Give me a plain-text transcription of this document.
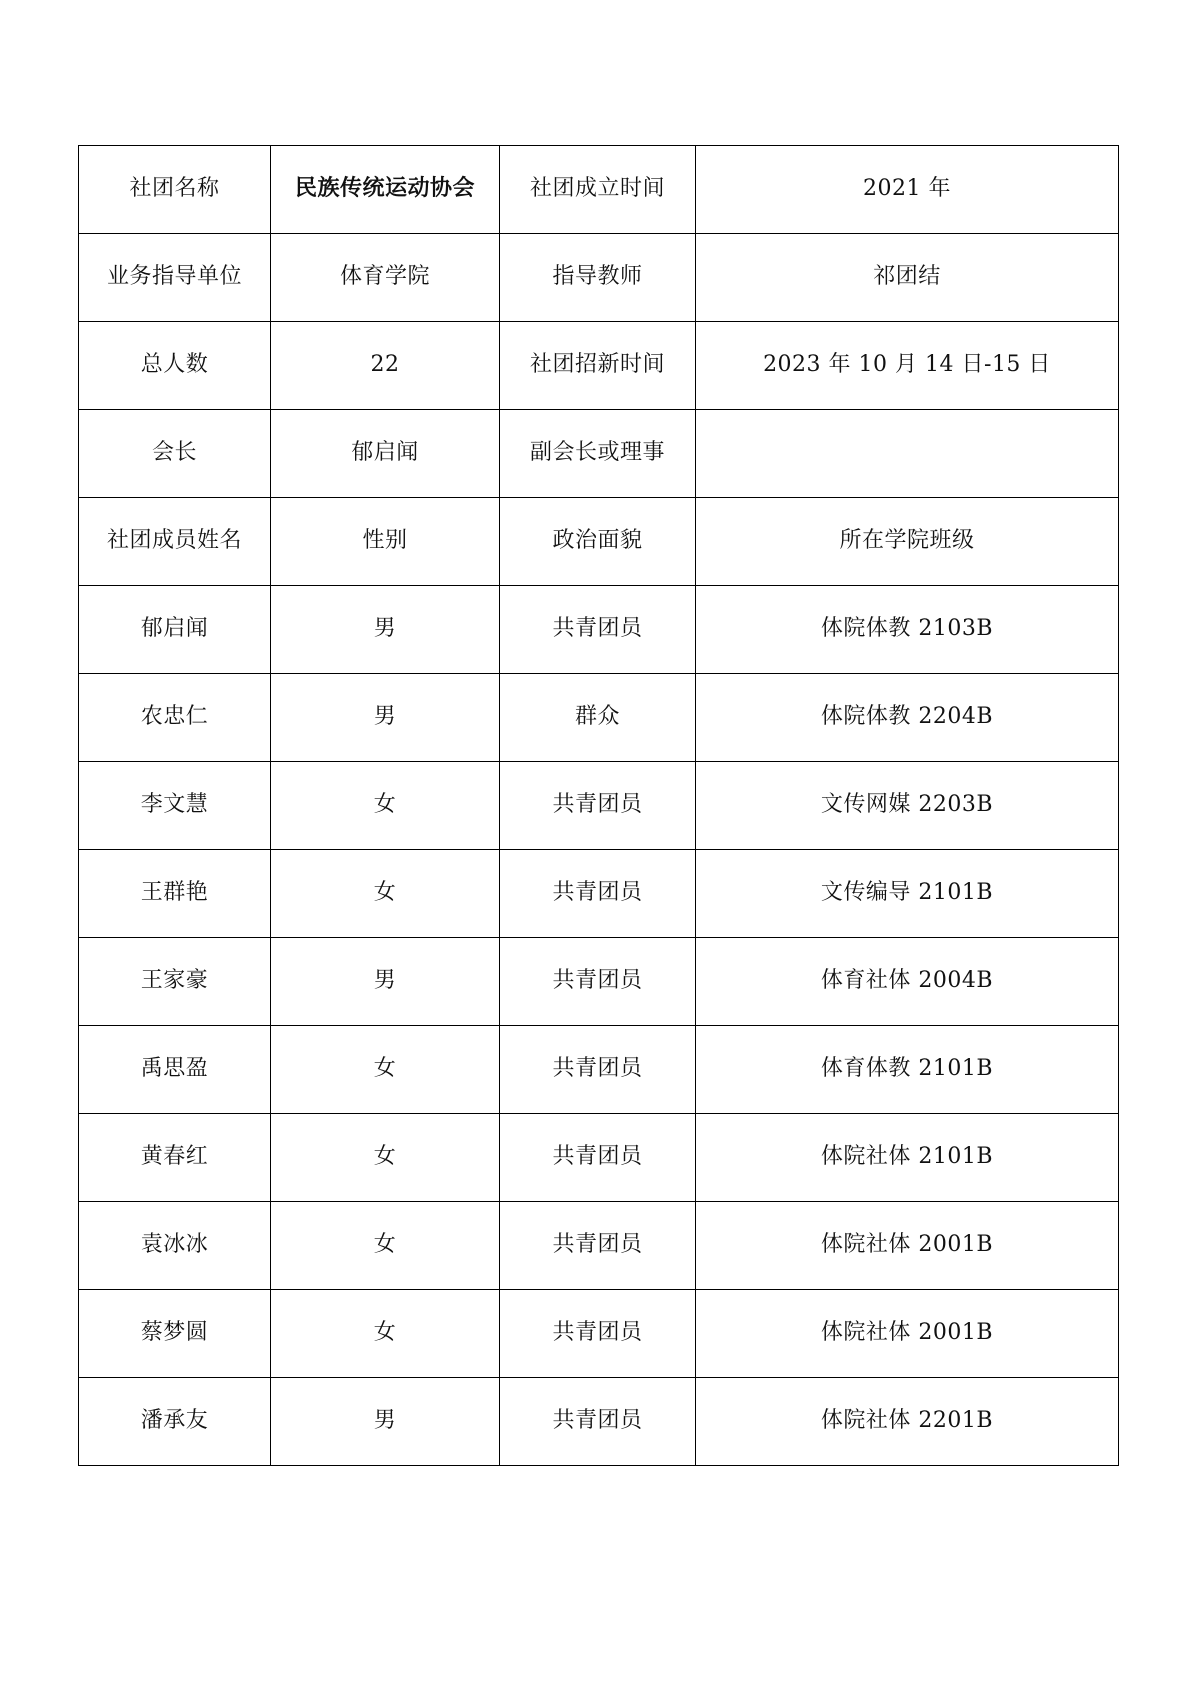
社团名称	民族传统运动协会	社团成立时间	2021 年
业务指导单位	体育学院	指导教师	祁团结
总人数	22	社团招新时间	2023 年 10 月 14 日-15 日
会长	郁启闻	副会长或理事	
社团成员姓名	性别	政治面貌	所在学院班级
郁启闻	男	共青团员	体院体教 2103B
农忠仁	男	群众	体院体教 2204B
李文慧	女	共青团员	文传网媒 2203B
王群艳	女	共青团员	文传编导 2101B
王家豪	男	共青团员	体育社体 2004B
禹思盈	女	共青团员	体育体教 2101B
黄春红	女	共青团员	体院社体 2101B
袁冰冰	女	共青团员	体院社体 2001B
蔡梦圆	女	共青团员	体院社体 2001B
潘承友	男	共青团员	体院社体 2201B
